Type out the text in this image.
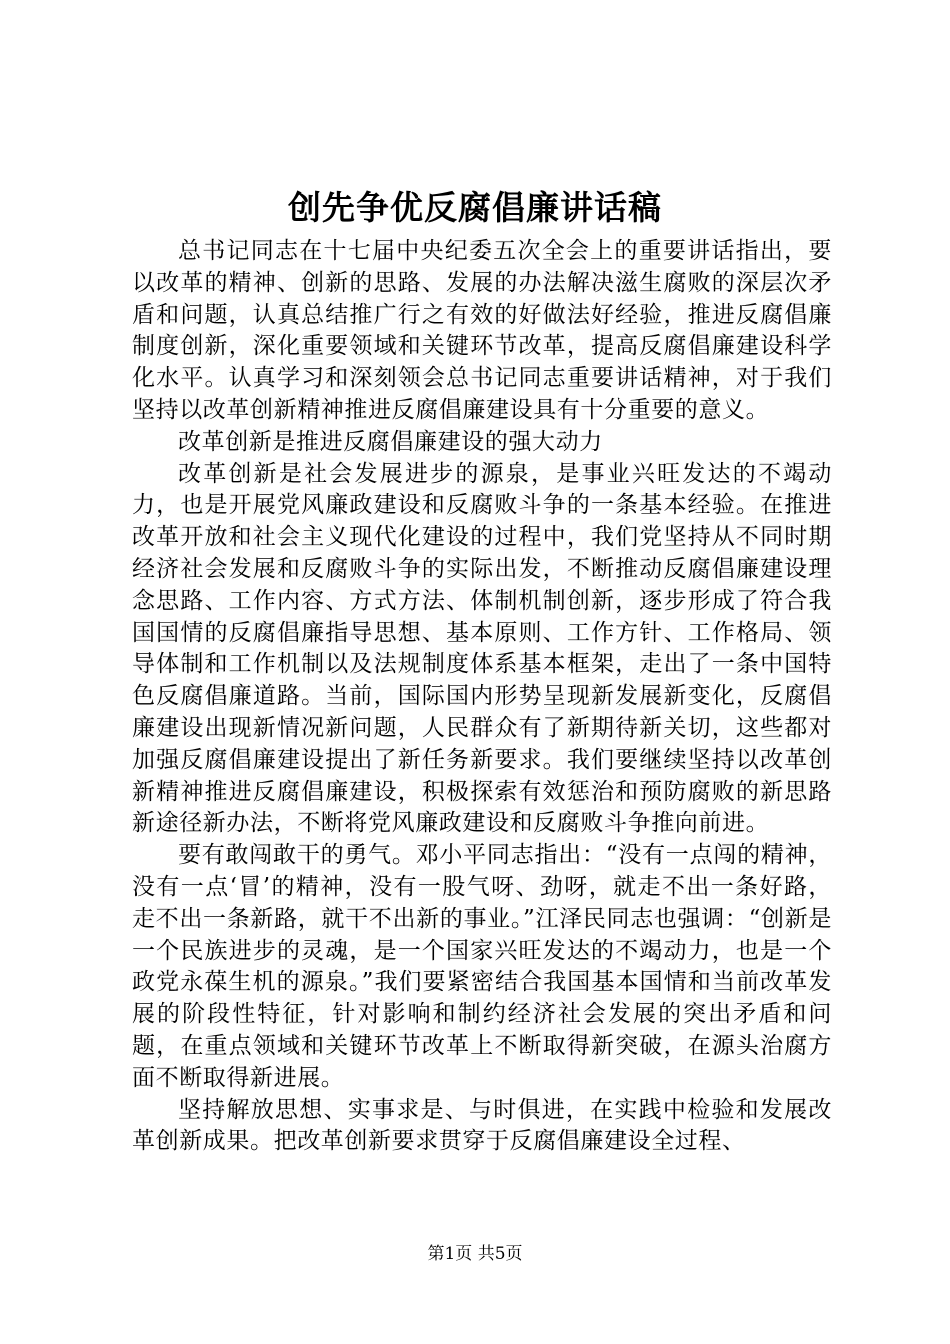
创先争优反腐倡廉讲话稿

总书记同志在十七届中央纪委五次全会上的重要讲话指出，要以改革的精神、创新的思路、发展的办法解决滋生腐败的深层次矛盾和问题，认真总结推广行之有效的好做法好经验，推进反腐倡廉制度创新，深化重要领域和关键环节改革，提高反腐倡廉建设科学化水平。认真学习和深刻领会总书记同志重要讲话精神，对于我们坚持以改革创新精神推进反腐倡廉建设具有十分重要的意义。

改革创新是推进反腐倡廉建设的强大动力

改革创新是社会发展进步的源泉，是事业兴旺发达的不竭动力，也是开展党风廉政建设和反腐败斗争的一条基本经验。在推进改革开放和社会主义现代化建设的过程中，我们党坚持从不同时期经济社会发展和反腐败斗争的实际出发，不断推动反腐倡廉建设理念思路、工作内容、方式方法、体制机制创新，逐步形成了符合我国国情的反腐倡廉指导思想、基本原则、工作方针、工作格局、领导体制和工作机制以及法规制度体系基本框架，走出了一条中国特色反腐倡廉道路。当前，国际国内形势呈现新发展新变化，反腐倡廉建设出现新情况新问题，人民群众有了新期待新关切，这些都对加强反腐倡廉建设提出了新任务新要求。我们要继续坚持以改革创新精神推进反腐倡廉建设，积极探索有效惩治和预防腐败的新思路新途径新办法，不断将党风廉政建设和反腐败斗争推向前进。

要有敢闯敢干的勇气。邓小平同志指出：“没有一点闯的精神，没有一点‘冒’的精神，没有一股气呀、劲呀，就走不出一条好路，走不出一条新路，就干不出新的事业。”江泽民同志也强调：“创新是一个民族进步的灵魂，是一个国家兴旺发达的不竭动力，也是一个政党永葆生机的源泉。”我们要紧密结合我国基本国情和当前改革发展的阶段性特征，针对影响和制约经济社会发展的突出矛盾和问题，在重点领域和关键环节改革上不断取得新突破，在源头治腐方面不断取得新进展。

坚持解放思想、实事求是、与时俱进，在实践中检验和发展改革创新成果。把改革创新要求贯穿于反腐倡廉建设全过程、

第1页 共5页
